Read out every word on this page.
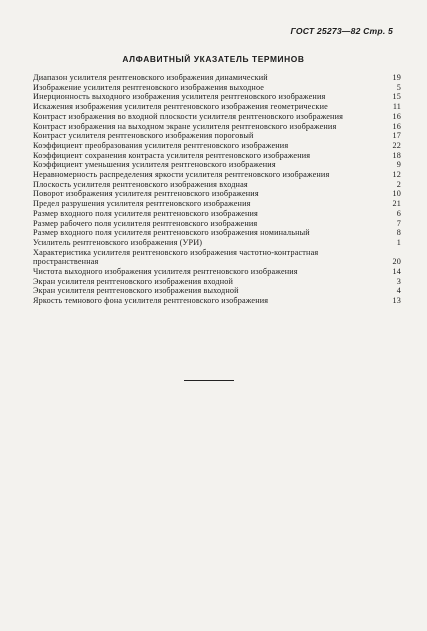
ГОСТ 25273—82 Стр. 5
АЛФАВИТНЫЙ УКАЗАТЕЛЬ ТЕРМИНОВ
Диапазон усилителя рентгеновского изображения динамический	19
Изображение усилителя рентгеновского изображения выходное	5
Инерционность выходного изображения усилителя рентгеновского изображения	15
Искажения изображения усилителя рентгеновского изображения геометрические	11
Контраст изображения во входной плоскости усилителя рентгеновского изображения	16
Контраст изображения на выходном экране усилителя рентгеновского изображения	16
Контраст усилителя рентгеновского изображения пороговый	17
Коэффициент преобразования усилителя рентгеновского изображения	22
Коэффициент сохранения контраста усилителя рентгеновского изображения	18
Коэффициент уменьшения усилителя рентгеновского изображения	9
Неравномерность распределения яркости усилителя рентгеновского изображения	12
Плоскость усилителя рентгеновского изображения входная	2
Поворот изображения усилителя рентгеновского изображения	10
Предел разрушения усилителя рентгеновского изображения	21
Размер входного поля усилителя рентгеновского изображения	6
Размер рабочего поля усилителя рентгеновского изображения	7
Размер входного поля усилителя рентгеновского изображения номинальный	8
Усилитель рентгеновского изображения (УРИ)	1
Характеристика усилителя рентгеновского изображения частотно-контрастная пространственная	20
Чистота выходного изображения усилителя рентгеновского изображения	14
Экран усилителя рентгеновского изображения входной	3
Экран усилителя рентгеновского изображения выходной	4
Яркость темнового фона усилителя рентгеновского изображения	13
